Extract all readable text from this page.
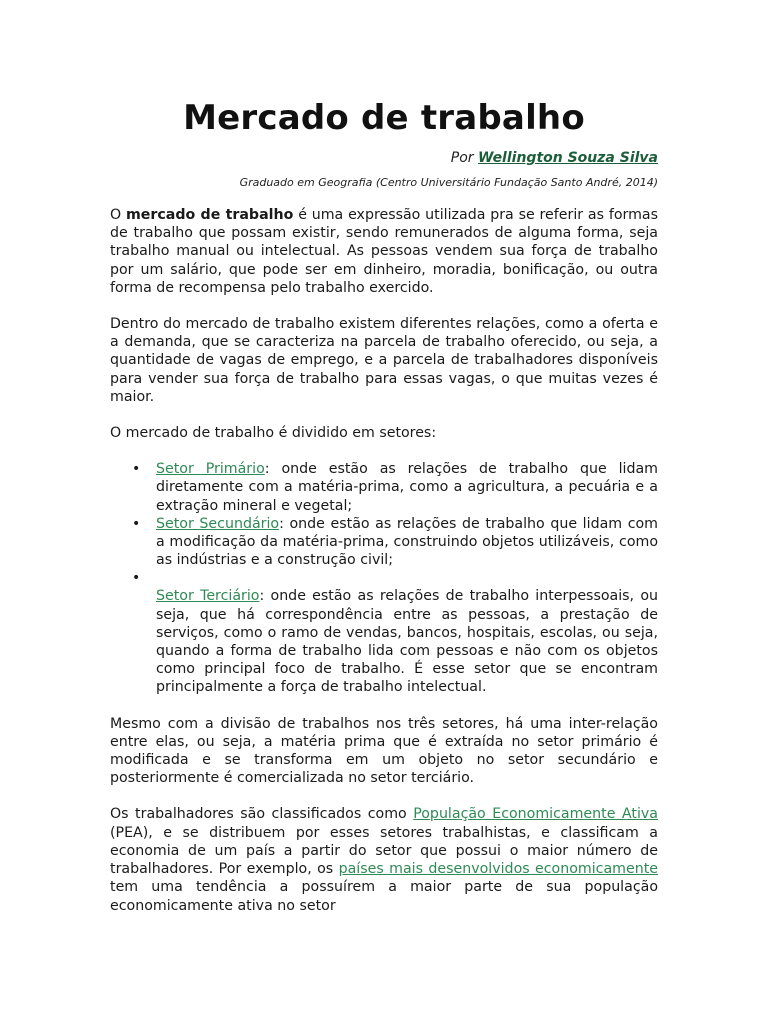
Mercado de trabalho
Por Wellington Souza Silva
Graduado em Geografia (Centro Universitário Fundação Santo André, 2014)

O mercado de trabalho é uma expressão utilizada pra se referir as formas de trabalho que possam existir, sendo remunerados de alguma forma, seja trabalho manual ou intelectual. As pessoas vendem sua força de trabalho por um salário, que pode ser em dinheiro, moradia, bonificação, ou outra forma de recompensa pelo trabalho exercido.

Dentro do mercado de trabalho existem diferentes relações, como a oferta e a demanda, que se caracteriza na parcela de trabalho oferecido, ou seja, a quantidade de vagas de emprego, e a parcela de trabalhadores disponíveis para vender sua força de trabalho para essas vagas, o que muitas vezes é maior.

O mercado de trabalho é dividido em setores:

• Setor Primário: onde estão as relações de trabalho que lidam diretamente com a matéria-prima, como a agricultura, a pecuária e a extração mineral e vegetal;
• Setor Secundário: onde estão as relações de trabalho que lidam com a modificação da matéria-prima, construindo objetos utilizáveis, como as indústrias e a construção civil;
•
Setor Terciário: onde estão as relações de trabalho interpessoais, ou seja, que há correspondência entre as pessoas, a prestação de serviços, como o ramo de vendas, bancos, hospitais, escolas, ou seja, quando a forma de trabalho lida com pessoas e não com os objetos como principal foco de trabalho. É esse setor que se encontram principalmente a força de trabalho intelectual.

Mesmo com a divisão de trabalhos nos três setores, há uma inter-relação entre elas, ou seja, a matéria prima que é extraída no setor primário é modificada e se transforma em um objeto no setor secundário e posteriormente é comercializada no setor terciário.

Os trabalhadores são classificados como População Economicamente Ativa (PEA), e se distribuem por esses setores trabalhistas, e classificam a economia de um país a partir do setor que possui o maior número de trabalhadores. Por exemplo, os países mais desenvolvidos economicamente tem uma tendência a possuírem a maior parte de sua população economicamente ativa no setor
